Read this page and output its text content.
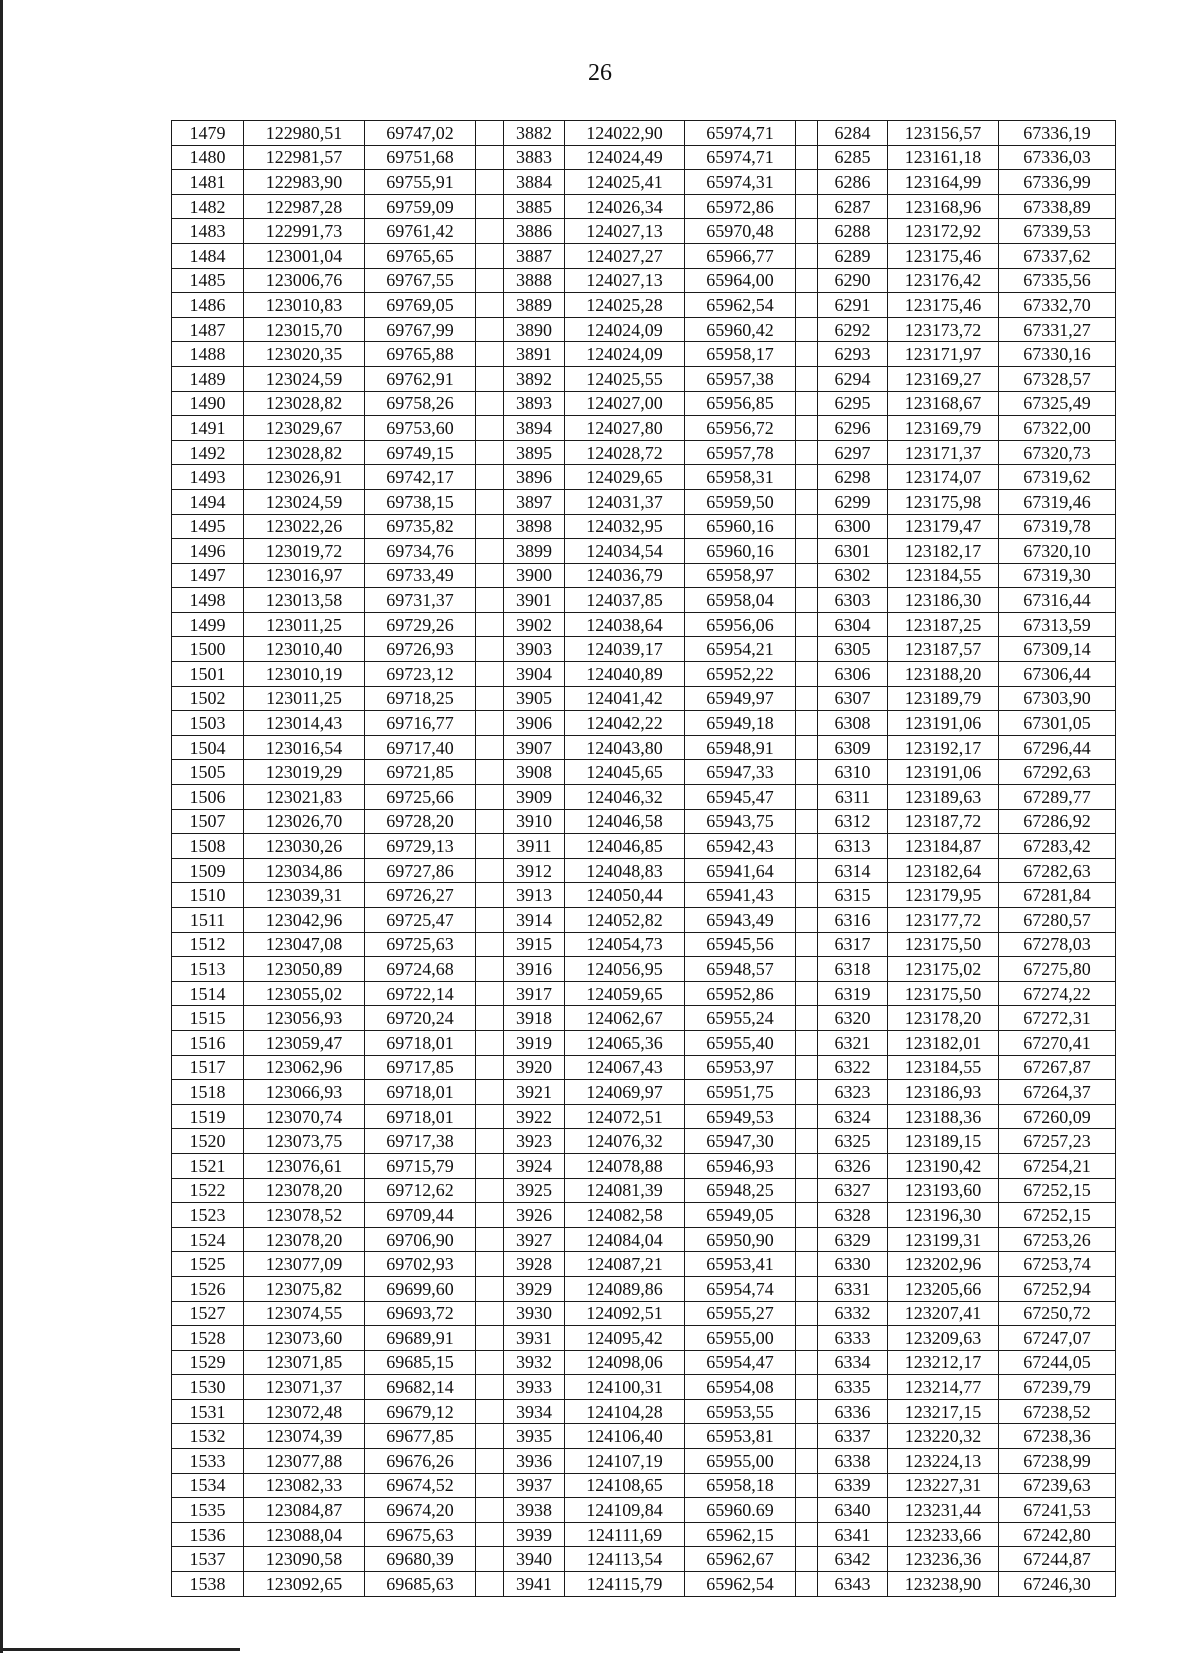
26
1479	122980,51	69747,02		3882	124022,90	65974,71		6284	123156,57	67336,19
1480	122981,57	69751,68		3883	124024,49	65974,71		6285	123161,18	67336,03
1481	122983,90	69755,91		3884	124025,41	65974,31		6286	123164,99	67336,99
1482	122987,28	69759,09		3885	124026,34	65972,86		6287	123168,96	67338,89
1483	122991,73	69761,42		3886	124027,13	65970,48		6288	123172,92	67339,53
1484	123001,04	69765,65		3887	124027,27	65966,77		6289	123175,46	67337,62
1485	123006,76	69767,55		3888	124027,13	65964,00		6290	123176,42	67335,56
1486	123010,83	69769,05		3889	124025,28	65962,54		6291	123175,46	67332,70
1487	123015,70	69767,99		3890	124024,09	65960,42		6292	123173,72	67331,27
1488	123020,35	69765,88		3891	124024,09	65958,17		6293	123171,97	67330,16
1489	123024,59	69762,91		3892	124025,55	65957,38		6294	123169,27	67328,57
1490	123028,82	69758,26		3893	124027,00	65956,85		6295	123168,67	67325,49
1491	123029,67	69753,60		3894	124027,80	65956,72		6296	123169,79	67322,00
1492	123028,82	69749,15		3895	124028,72	65957,78		6297	123171,37	67320,73
1493	123026,91	69742,17		3896	124029,65	65958,31		6298	123174,07	67319,62
1494	123024,59	69738,15		3897	124031,37	65959,50		6299	123175,98	67319,46
1495	123022,26	69735,82		3898	124032,95	65960,16		6300	123179,47	67319,78
1496	123019,72	69734,76		3899	124034,54	65960,16		6301	123182,17	67320,10
1497	123016,97	69733,49		3900	124036,79	65958,97		6302	123184,55	67319,30
1498	123013,58	69731,37		3901	124037,85	65958,04		6303	123186,30	67316,44
1499	123011,25	69729,26		3902	124038,64	65956,06		6304	123187,25	67313,59
1500	123010,40	69726,93		3903	124039,17	65954,21		6305	123187,57	67309,14
1501	123010,19	69723,12		3904	124040,89	65952,22		6306	123188,20	67306,44
1502	123011,25	69718,25		3905	124041,42	65949,97		6307	123189,79	67303,90
1503	123014,43	69716,77		3906	124042,22	65949,18		6308	123191,06	67301,05
1504	123016,54	69717,40		3907	124043,80	65948,91		6309	123192,17	67296,44
1505	123019,29	69721,85		3908	124045,65	65947,33		6310	123191,06	67292,63
1506	123021,83	69725,66		3909	124046,32	65945,47		6311	123189,63	67289,77
1507	123026,70	69728,20		3910	124046,58	65943,75		6312	123187,72	67286,92
1508	123030,26	69729,13		3911	124046,85	65942,43		6313	123184,87	67283,42
1509	123034,86	69727,86		3912	124048,83	65941,64		6314	123182,64	67282,63
1510	123039,31	69726,27		3913	124050,44	65941,43		6315	123179,95	67281,84
1511	123042,96	69725,47		3914	124052,82	65943,49		6316	123177,72	67280,57
1512	123047,08	69725,63		3915	124054,73	65945,56		6317	123175,50	67278,03
1513	123050,89	69724,68		3916	124056,95	65948,57		6318	123175,02	67275,80
1514	123055,02	69722,14		3917	124059,65	65952,86		6319	123175,50	67274,22
1515	123056,93	69720,24		3918	124062,67	65955,24		6320	123178,20	67272,31
1516	123059,47	69718,01		3919	124065,36	65955,40		6321	123182,01	67270,41
1517	123062,96	69717,85		3920	124067,43	65953,97		6322	123184,55	67267,87
1518	123066,93	69718,01		3921	124069,97	65951,75		6323	123186,93	67264,37
1519	123070,74	69718,01		3922	124072,51	65949,53		6324	123188,36	67260,09
1520	123073,75	69717,38		3923	124076,32	65947,30		6325	123189,15	67257,23
1521	123076,61	69715,79		3924	124078,88	65946,93		6326	123190,42	67254,21
1522	123078,20	69712,62		3925	124081,39	65948,25		6327	123193,60	67252,15
1523	123078,52	69709,44		3926	124082,58	65949,05		6328	123196,30	67252,15
1524	123078,20	69706,90		3927	124084,04	65950,90		6329	123199,31	67253,26
1525	123077,09	69702,93		3928	124087,21	65953,41		6330	123202,96	67253,74
1526	123075,82	69699,60		3929	124089,86	65954,74		6331	123205,66	67252,94
1527	123074,55	69693,72		3930	124092,51	65955,27		6332	123207,41	67250,72
1528	123073,60	69689,91		3931	124095,42	65955,00		6333	123209,63	67247,07
1529	123071,85	69685,15		3932	124098,06	65954,47		6334	123212,17	67244,05
1530	123071,37	69682,14		3933	124100,31	65954,08		6335	123214,77	67239,79
1531	123072,48	69679,12		3934	124104,28	65953,55		6336	123217,15	67238,52
1532	123074,39	69677,85		3935	124106,40	65953,81		6337	123220,32	67238,36
1533	123077,88	69676,26		3936	124107,19	65955,00		6338	123224,13	67238,99
1534	123082,33	69674,52		3937	124108,65	65958,18		6339	123227,31	67239,63
1535	123084,87	69674,20		3938	124109,84	65960.69		6340	123231,44	67241,53
1536	123088,04	69675,63		3939	124111,69	65962,15		6341	123233,66	67242,80
1537	123090,58	69680,39		3940	124113,54	65962,67		6342	123236,36	67244,87
1538	123092,65	69685,63		3941	124115,79	65962,54		6343	123238,90	67246,30
